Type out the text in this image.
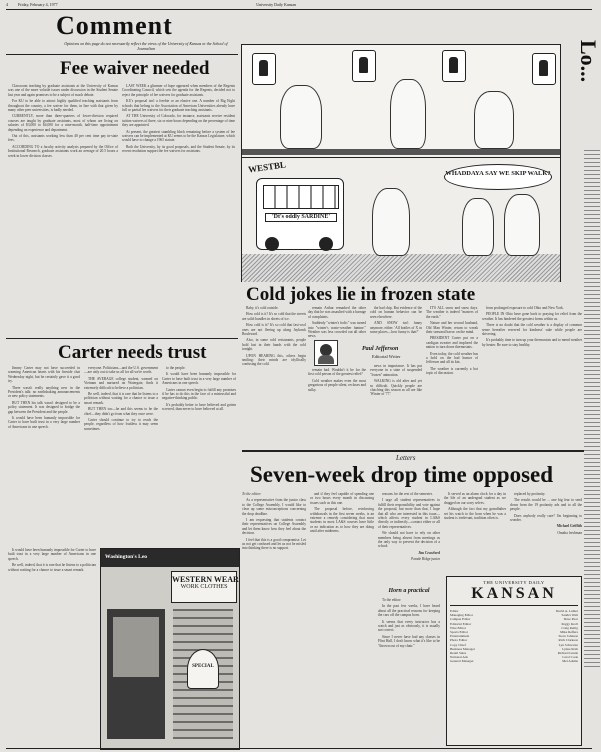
4	Friday, February 4, 1977	University Daily Kansan
Comment
Opinions on this page do not necessarily reflect the views of the University of Kansas or the School of Journalism
Fee waiver needed

Classroom teaching by graduate assistants at the University of Kansas was one of the more volatile issues under discussion in the Student Senate last year and again promises to be a subject of much debate.

For KU to be able to attract highly qualified teaching assistants from throughout the country, a fee waiver for them, in line with that given by many other peer universities, is badly needed.

CURRENTLY, more than three-quarters of lower-division required courses are taught by graduate assistants, most of whom are living on salaries of $3,000 to $4,000 for a nine-month, half-time appointment depending on experience and department.

Out of this, assistants working less than 40 per cent time pay in-state fees.

ACCORDING TO a faculty activity analysis prepared by the Office of Institutional Research, graduate assistants work an average of 20.5 hours a week in lower division classes.

LAST WEEK a glimmer of hope appeared when members of the Regents Coordinating Council, which sets the agenda for the Regents, decided not to reject the principle of fee waivers for graduate assistants.

KU's proposal isn't a freebie or an elusive one. A number of Big Eight schools that belong to the Association of American Universities already have full or partial fee waivers for their graduate teaching assistants.

AT THE University of Colorado, for instance, assistants receive resident tuition waivers of three, six or nine hours depending on the percentage of time they are appointed.

At present, the greatest stumbling block remaining before a system of fee waivers can be implemented at KU seems to be the Kansas Legislature, which would have to change a 1965 statute.

Both the University, by its good proposals, and the Student Senate, by its recent resolution support the fee waivers for assistants.

WESTBL
'Dt's oddly SARDINE'
WHADDAYA SAY WE SKIP WALK?
Lo...
Cold jokes lie in frozen state

Baby, it's cold outside.

How cold is it? It's so cold that the streets are solid bundles in sheets of ice.

How cold is it? It's so cold that fast-cool ones are not fleeing up along Jayhawk Boulevard.

Also, in some cold restaurants, people hold fast in their hands with the cold tonight.

UPON HEARING this, others begin smiling: their minds are idyllically confusing the cold.

remain Arthur remarked the other day that he was assaulted with a barrage of complaints.

Suddenly "winter's frolic" was turned into "winter's waste-weather famine." Weather was less crowded out all other news.

remain bad. Wouldn't it be for the first cold person of the greatest relief?

Cold weather makes even the most gregarious of people silent, recluses and sulky.

the bad chip. But evidence of the cold on human behavior can be seen elsewhere.

AND SNOW isn't funny anymore, either. 'All bottles of X in some places—how funny is that?'

Paul Jefferson
Editorial Writer

news in importance. It has put everyone in a state of suspended "frozen" animation.

WALKING is old after and yet so difficult. Quickly people are clutching this season as all are like 'Winter of '77.'

IT'S ALL snow and snow days. The weather is indeed "masters of the earth."

Nature and her second husband, Old Man Winter, return to wreak their seasonal havoc on the mind.

PRESIDENT Carter put on a cardigan sweater and implored the nation to turn down thermostats.

Even today, the cold weather has a hold on the bad humor of Jefferson and all its kin.

The weather is currently a hot topic of discussion.

from prolonged exposure to cold Ohio and New York.

PEOPLE IN Ohio have gone back to praying for relief from the weather. It has hindered the greatest forms within us.

There is no doubt that the cold weather is a display of common sense hereafter reserved for kindness' sake while people are shivering.

It's probably time to turn up your thermostats and to mend weather by heater. Be sure to stay healthy.

Carter needs trust

Jimmy Carter may not have succeeded in warming American hearts with his fireside chat Wednesday night, but he certainly gave it a good try.

There wasn't really anything new in the President's talk: no earthshaking announcements or new policy statements.

BUT THEN his talk wasn't designed to be a policy statement. It was designed to bridge the gap between the President and the people.

It would have been humanly impossible for Carter to have built trust in a very large number of Americans in one speech.

everyone. Politicians—and the U.S. government—are only out to take us all for all we're worth.

THE AVERAGE college student, weaned on Vietnam and nurtured on Watergate, finds it extremely difficult to believe a politician.

Be well, indeed, that it is rare that he listens to a politician without waiting for a chance to issue a smart remark.

BUT THEN too—he and this seems to be the chief—they didn't go from what they once were.

Carter should continue to try to reach the people, regardless of how fruitless it may seem sometimes.

to the people.

It would have been humanly impossible for Carter to have built trust in a very large number of Americans in one speech.

Carter cannot even begin to fulfill any promises if he has to do this in the face of a mistrustful and negative-thinking public.

It's probably better to have believed and gotten screwed, than never to have believed at all.

Washington's Leo
WESTERN WEAR
WORK CLOTHES
SPECIAL

It would have been humanly impossible for Carter to have built trust in a very large number of Americans in one speech.

Be well, indeed, that it is rare that he listens to a politician without waiting for a chance to issue a smart remark.

Letters
Seven-week drop time opposed

To the editor:

As a representative from the junior class to the College Assembly, I would like to clear up some misconceptions concerning the drop deadline.

I am requesting that students contact their representatives on College Assembly and let them know how they feel about the decision.

I feel that this is a good compromise. Let us not get confused and let us not be misled into thinking there is no support.

and if they feel capable of spending one or two hours every month in discussing issues such as this one.

The proposal before, reinforcing withdrawals in the first seven weeks, is an extreme a remedy considering that most students in most LA&S courses have little or no indication as to how they are doing until after midterms.

reasons for the rest of the semester.

I urge all student representatives to fulfill their responsibility and vote against the proposal, but more than that, I hope that all who are interested in this issue—which affects every student in LA&S directly or indirectly—contact either or all of their representatives.

We should not have to rely on other members being absent from meetings as the only way to prevent the decision of a school.

Jim Crawford

Parade Ridge junior

Horn a practical

To the editor:

In the past few weeks, I have heard about all the practical reasons for keeping the cars off the campus horn.

It seems that every instructor has a watch and just as obviously, it is usually not correct.

Since I never have had any classes in Flint Hall, I don't know what it's like to be "thrown out of my chair."

It served as an alarm clock for a day in the life of an undergrad student as we dragged on our sorry selves.

Although the fact that my grandfather set his watch to the horn when he was a student is irrelevant, tradition often is.

replaced by profanity.

The results would be ... one big fear to send down from the 19 profanity ads and to all the people.

Does anybody really care? I'm beginning to wonder.

Michael Griffith

Omaha freshman

THE UNIVERSITY DAILY
KANSAN
Editor	David A. Luther
Managing Editor	Sandra Weil
Campus Editor	Dave Pace
Editorial Editor	Peggy Kroll
Wire Editor	Craig Rettig
Sports Editor	Mike Reffers
Entertainment	Steve Johnson
Photo Editor	Rich Clarkson
Copy Chief	Lyn Schwarze
Business Manager	Lynne Roth
Retail Sales	Richard Lunde
National Ads	Carol Cook
General Manager	Mel Adams
